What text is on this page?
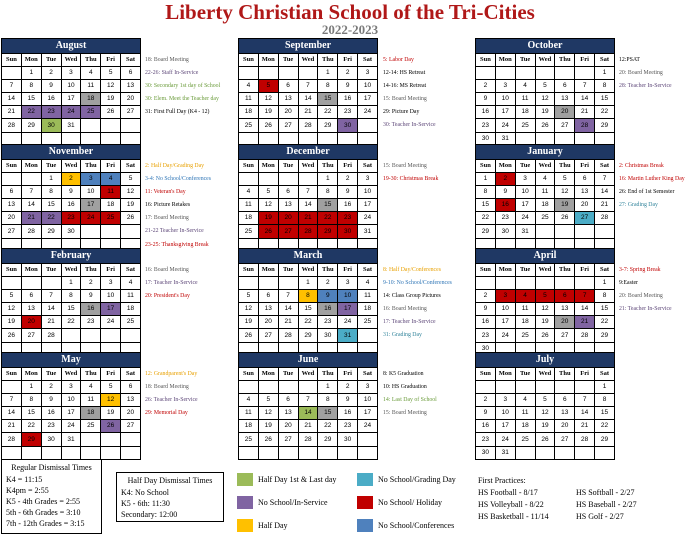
Liberty Christian School of the Tri-Cities
2022-2023
August						
Sun	Mon	Tue	Wed	Thu	Fri	Sat
	1	2	3	4	5	6
7	8	9	10	11	12	13
14	15	16	17	18	19	20
21	22	23	24	25	26	27
28	29	30	31			

18: Board Meeting
22-26: Staff In-Service
30: Secondary 1st day of School
30: Elem. Meet the Teacher day
31: First Full Day (K4 - 12)
September						
Sun	Mon	Tue	Wed	Thu	Fri	Sat
				1	2	3
4	5	6	7	8	9	10
11	12	13	14	15	16	17
18	19	20	21	22	23	24
25	26	27	28	29	30	

5: Labor Day
12-14: HS Retreat
14-16: MS Retreat
15: Board Meeting
29: Picture Day
30: Teacher In-Service
October						
Sun	Mon	Tue	Wed	Thu	Fri	Sat
						1
2	3	4	5	6	7	8
9	10	11	12	13	14	15
16	17	18	19	20	21	22
23	24	25	26	27	28	29
30	31					
12:PSAT
20: Board Meeting
28: Teacher In-Service
November						
Sun	Mon	Tue	Wed	Thu	Fri	Sat
		1	2	3	4	5
6	7	8	9	10	11	12
13	14	15	16	17	18	19
20	21	22	23	24	25	26
27	28	29	30			

2: Half Day/Grading Day
3-4: No School/Conferences
11: Veteran's Day
16: Picture Retakes
17: Board Meeting
21-22 Teacher In-Service
23-25: Thanksgiving Break
December						
Sun	Mon	Tue	Wed	Thu	Fri	Sat
				1	2	3
4	5	6	7	8	9	10
11	12	13	14	15	16	17
18	19	20	21	22	23	24
25	26	27	28	29	30	31

15: Board Meeting
19-30: Christmas Break
January						
Sun	Mon	Tue	Wed	Thu	Fri	Sat
1	2	3	4	5	6	7
8	9	10	11	12	13	14
15	16	17	18	19	20	21
22	23	24	25	26	27	28
29	30	31				

2: Christmas Break
16: Martin Luther King Day
26: End of 1st Semester
27: Grading Day
February						
Sun	Mon	Tue	Wed	Thu	Fri	Sat
			1	2	3	4
5	6	7	8	9	10	11
12	13	14	15	16	17	18
19	20	21	22	23	24	25
26	27	28				

16: Board Meeting
17: Teacher In-Service
20: President's Day
March						
Sun	Mon	Tue	Wed	Thu	Fri	Sat
			1	2	3	4
5	6	7	8	9	10	11
12	13	14	15	16	17	18
19	20	21	22	23	24	25
26	27	28	29	30	31	

8: Half Day/Conferences
9-10: No School/Conferences
14: Class Group Pictures
16: Board Meeting
17: Teacher In-Service
31: Grading Day
April						
Sun	Mon	Tue	Wed	Thu	Fri	Sat
						1
2	3	4	5	6	7	8
9	10	11	12	13	14	15
16	17	18	19	20	21	22
23	24	25	26	27	28	29
30						
3-7: Spring Break
9:Easter
20: Board Meeting
21: Teacher In-Service
May						
Sun	Mon	Tue	Wed	Thu	Fri	Sat
	1	2	3	4	5	6
7	8	9	10	11	12	13
14	15	16	17	18	19	20
21	22	23	24	25	26	27
28	29	30	31			

12: Grandparent's Day
18: Board Meeting
26: Teacher In-Service
29: Memorial Day
June						
Sun	Mon	Tue	Wed	Thu	Fri	Sat
				1	2	3
4	5	6	7	8	9	10
11	12	13	14	15	16	17
18	19	20	21	22	23	24
25	26	27	28	29	30	

8: K5 Graduation
10: HS Graduation
14: Last Day of School
15: Board Meeting
July						
Sun	Mon	Tue	Wed	Thu	Fri	Sat
						1
2	3	4	5	6	7	8
9	10	11	12	13	14	15
16	17	18	19	20	21	22
23	24	25	26	27	28	29
30	31					
Regular Dismissal Times
K4 = 11:15
K4pm = 2:55
K5 - 4th Grades = 2:55
5th - 6th Grades = 3:10
7th - 12th Grades = 3:15
Half Day Dismissal Times
K4: No School
K5 - 6th: 11:30
Secondary: 12:00
Half Day 1st & Last day	No School/Grading Day
No School/In-Service	No School/ Holiday
Half Day	No School/Conferences
First Practices:
HS Football - 8/17
HS Volleyball - 8/22
HS Basketball - 11/14
HS Softball - 2/27
HS Baseball - 2/27
HS Golf - 2/27
